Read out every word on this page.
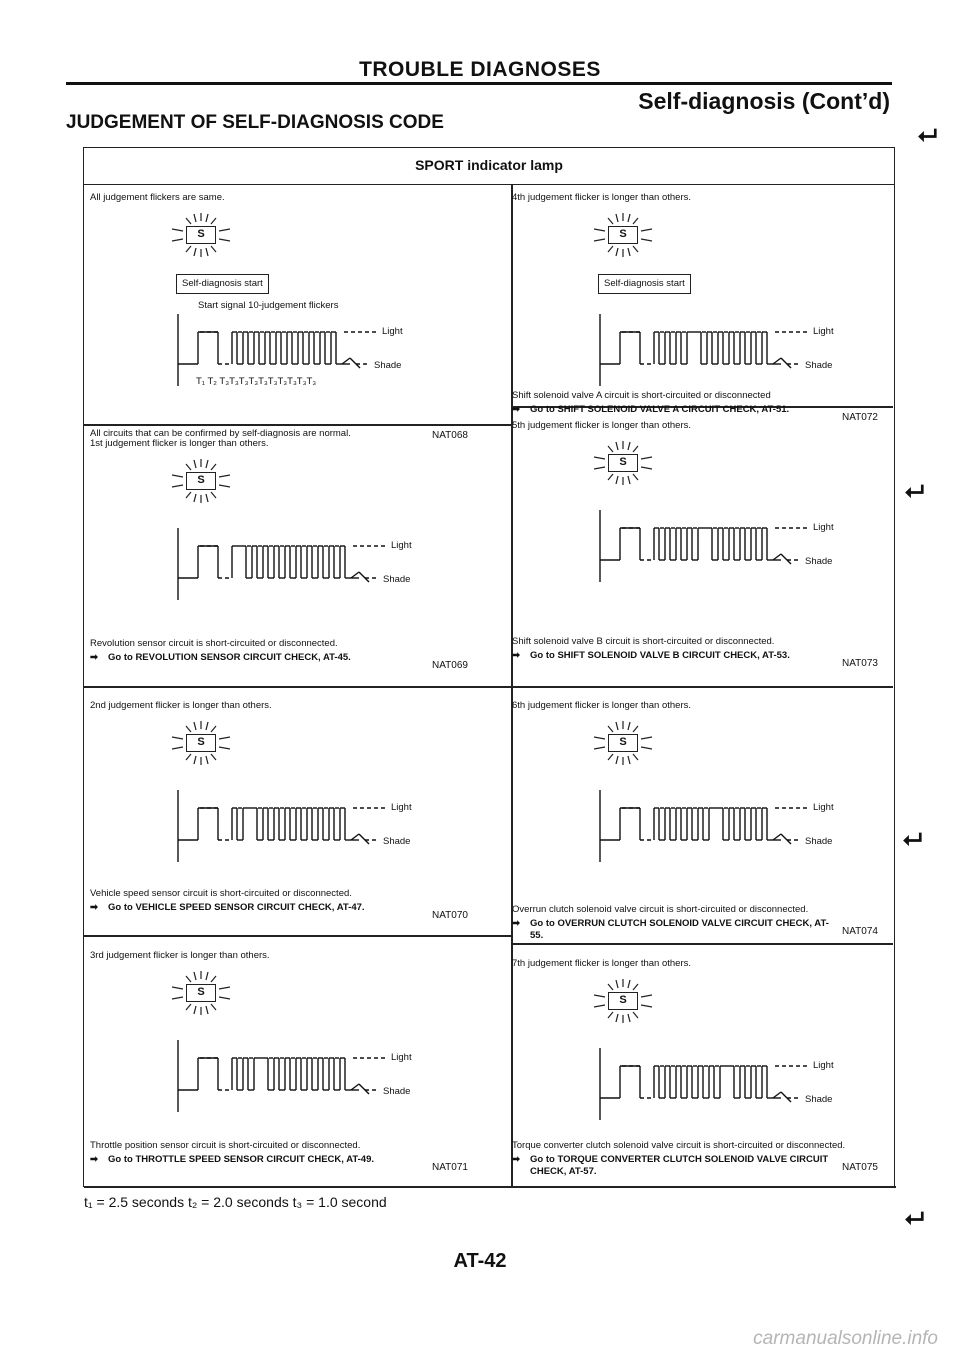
TROUBLE DIAGNOSES
Self-diagnosis (Cont’d)
JUDGEMENT OF SELF-DIAGNOSIS CODE	⮠
⮠
⮠
⮠
SPORT indicator lamp
All judgement flickers are same.
S
Self-diagnosis start
Start signal 10-judgement flickers
Light
Shade
T₁ T₂ T₃T₃T₃T₃T₃T₃T₃T₃T₃T₃
All circuits that can be confirmed by self-diagnosis are normal.	NAT068
4th judgement flicker is longer than others.
S
Self-diagnosis start
Light
Shade
Shift solenoid valve A circuit is short-circuited or disconnected
➡ Go to SHIFT SOLENOID VALVE A CIRCUIT CHECK, AT-51.
NAT072
1st judgement flicker is longer than others.
S
Light
Shade
Revolution sensor circuit is short-circuited or disconnected.
➡ Go to REVOLUTION SENSOR CIRCUIT CHECK, AT-45.
NAT069
5th judgement flicker is longer than others.
S
Light
Shade
Shift solenoid valve B circuit is short-circuited or disconnected.
➡ Go to SHIFT SOLENOID VALVE B CIRCUIT CHECK, AT-53.
NAT073
2nd judgement flicker is longer than others.
S
Light
Shade
Vehicle speed sensor circuit is short-circuited or disconnected.
➡ Go to VEHICLE SPEED SENSOR CIRCUIT CHECK, AT-47.
NAT070
6th judgement flicker is longer than others.
S
Light
Shade
Overrun clutch solenoid valve circuit is short-circuited or disconnected.
➡ Go to OVERRUN CLUTCH SOLENOID VALVE CIRCUIT CHECK, AT-55.	NAT074
3rd judgement flicker is longer than others.
S
Light
Shade
Throttle position sensor circuit is short-circuited or disconnected.
➡ Go to THROTTLE SPEED SENSOR CIRCUIT CHECK, AT-49.
NAT071
7th judgement flicker is longer than others.
S
Light
Shade
Torque converter clutch solenoid valve circuit is short-circuited or disconnected.
➡ Go to TORQUE CONVERTER CLUTCH SOLENOID VALVE CIRCUIT CHECK, AT-57.	NAT075
t₁ = 2.5 seconds t₂ = 2.0 seconds t₃ = 1.0 second
AT-42
carmanualsonline.info
